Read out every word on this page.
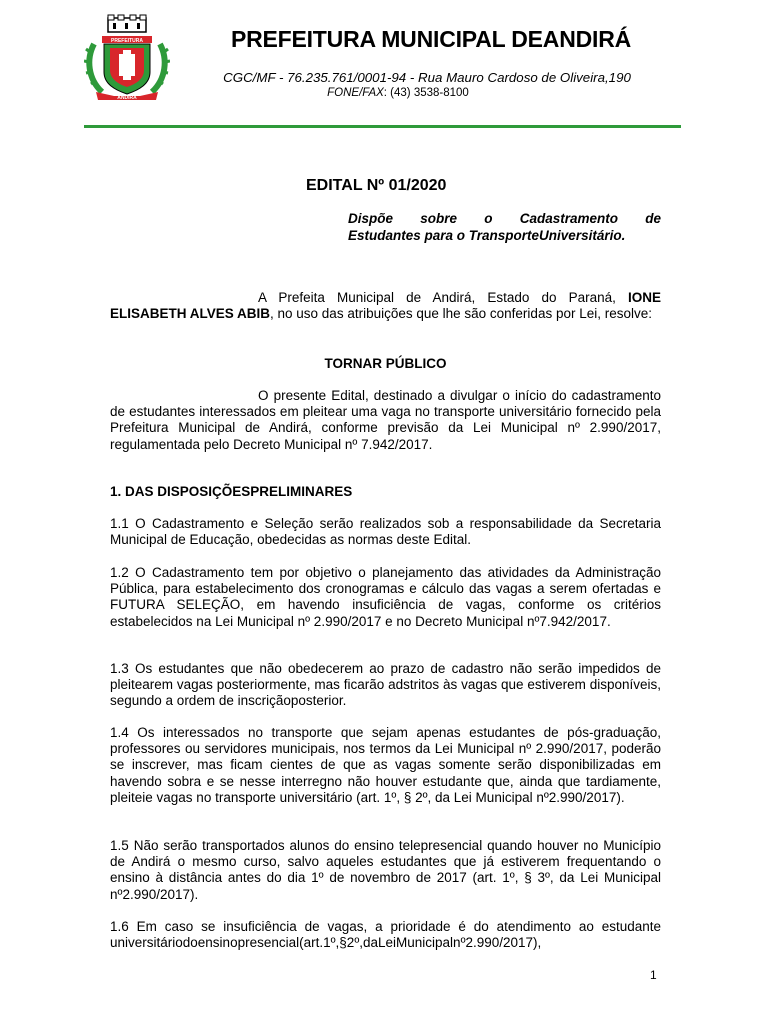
PREFEITURA
ANDIRÁ
PREFEITURA MUNICIPAL DEANDIRÁ
CGC/MF - 76.235.761/0001-94 - Rua Mauro Cardoso de Oliveira,190
FONE/FAX: (43) 3538-8100
EDITAL Nº 01/2020
Dispõe sobre o Cadastramento de
Estudantes para o TransporteUniversitário.
A Prefeita Municipal de Andirá, Estado do Paraná, IONE ELISABETH ALVES ABIB, no uso das atribuições que lhe são conferidas por Lei, resolve:
TORNAR PÚBLICO
O presente Edital, destinado a divulgar o início do cadastramento de estudantes interessados em pleitear uma vaga no transporte universitário fornecido pela Prefeitura Municipal de Andirá, conforme previsão da Lei Municipal nº 2.990/2017, regulamentada pelo Decreto Municipal nº 7.942/2017.
1. DAS DISPOSIÇÕESPRELIMINARES
1.1 O Cadastramento e Seleção serão realizados sob a responsabilidade da Secretaria Municipal de Educação, obedecidas as normas deste Edital.
1.2 O Cadastramento tem por objetivo o planejamento das atividades da Administração Pública, para estabelecimento dos cronogramas e cálculo das vagas a serem ofertadas e FUTURA SELEÇÃO, em havendo insuficiência de vagas, conforme os critérios estabelecidos na Lei Municipal nº 2.990/2017 e no Decreto Municipal nº7.942/2017.
1.3 Os estudantes que não obedecerem ao prazo de cadastro não serão impedidos de pleitearem vagas posteriormente, mas ficarão adstritos às vagas que estiverem disponíveis, segundo a ordem de inscriçãoposterior.
1.4 Os interessados no transporte que sejam apenas estudantes de pós-graduação, professores ou servidores municipais, nos termos da Lei Municipal nº 2.990/2017, poderão se inscrever, mas ficam cientes de que as vagas somente serão disponibilizadas em havendo sobra e se nesse interregno não houver estudante que, ainda que tardiamente, pleiteie vagas no transporte universitário (art. 1º, § 2º, da Lei Municipal nº2.990/2017).
1.5 Não serão transportados alunos do ensino telepresencial quando houver no Município de Andirá o mesmo curso, salvo aqueles estudantes que já estiverem frequentando o ensino à distância antes do dia 1º de novembro de 2017 (art. 1º, § 3º, da Lei Municipal nº2.990/2017).
1.6 Em caso se insuficiência de vagas, a prioridade é do atendimento ao estudante
universitáriodoensinopresencial(art.1º,§2º,daLeiMunicipalnº2.990/2017),
1
